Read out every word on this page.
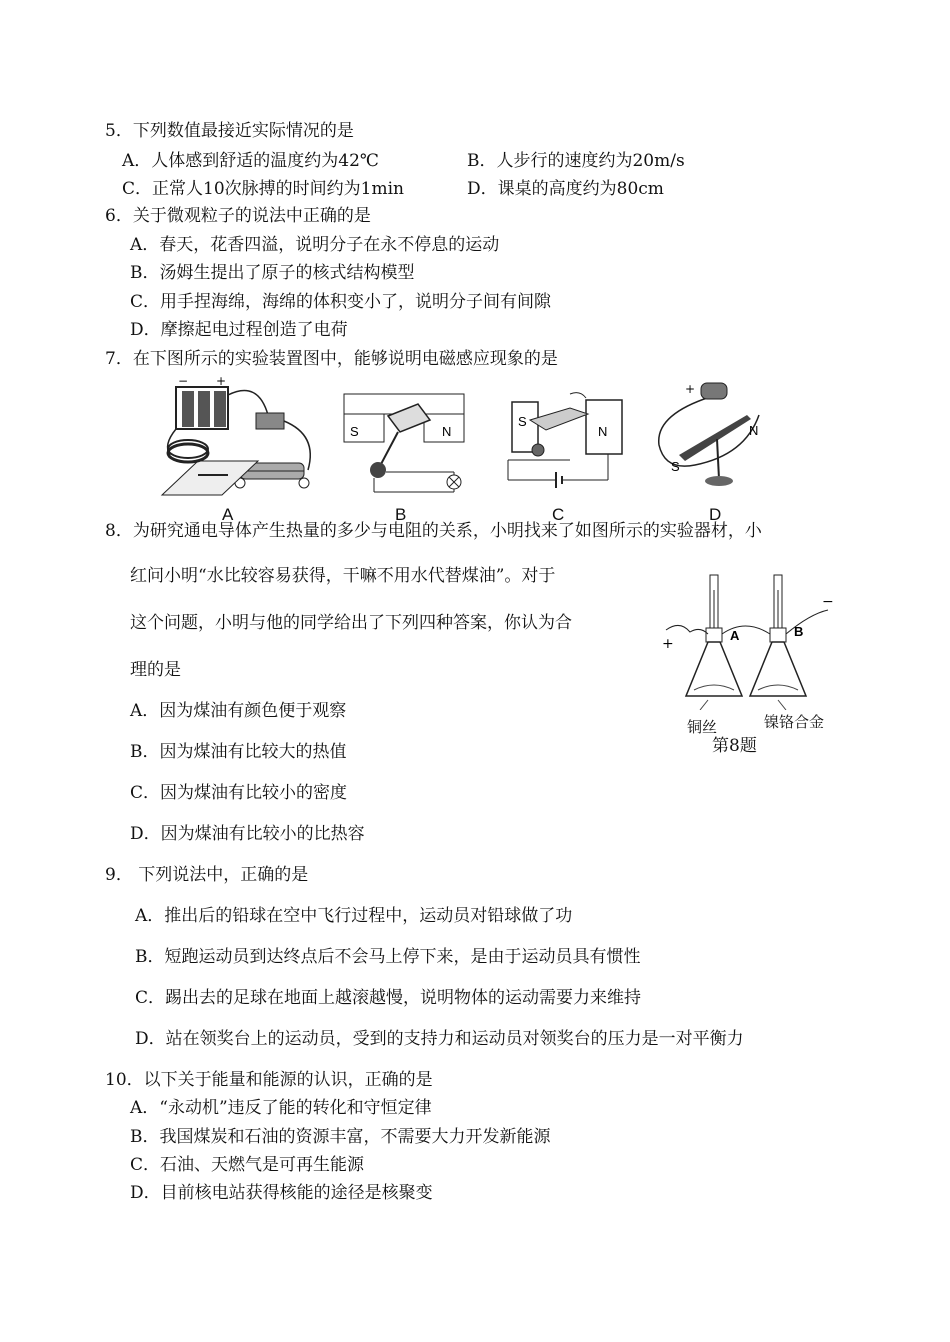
5．下列数值最接近实际情况的是
A．人体感到舒适的温度约为42℃	B．人步行的速度约为20m/s
C．正常人10次脉搏的时间约为1min	D．课桌的高度约为80cm
6．关于微观粒子的说法中正确的是
A．春天，花香四溢，说明分子在永不停息的运动
B．汤姆生提出了原子的核式结构模型
C．用手捏海绵，海绵的体积变小了，说明分子间有间隙
D．摩擦起电过程创造了电荷
7．在下图所示的实验装置图中，能够说明电磁感应现象的是
− +
A
S	N
B
S
N
C
+
S
N
D
8．为研究通电导体产生热量的多少与电阻的关系，小明找来了如图所示的实验器材，小
红问小明“水比较容易获得，干嘛不用水代替煤油”。对于
这个问题，小明与他的同学给出了下列四种答案，你认为合
理的是
A．因为煤油有颜色便于观察
B．因为煤油有比较大的热值
C．因为煤油有比较小的密度
D．因为煤油有比较小的比热容
+
−
A	B
铜丝	镍铬合金
第8题
9． 下列说法中，正确的是
A．推出后的铅球在空中飞行过程中，运动员对铅球做了功
B．短跑运动员到达终点后不会马上停下来，是由于运动员具有惯性
C．踢出去的足球在地面上越滚越慢，说明物体的运动需要力来维持
D．站在领奖台上的运动员，受到的支持力和运动员对领奖台的压力是一对平衡力
10．以下关于能量和能源的认识，正确的是
A．“永动机”违反了能的转化和守恒定律
B．我国煤炭和石油的资源丰富，不需要大力开发新能源
C．石油、天燃气是可再生能源
D．目前核电站获得核能的途径是核聚变
